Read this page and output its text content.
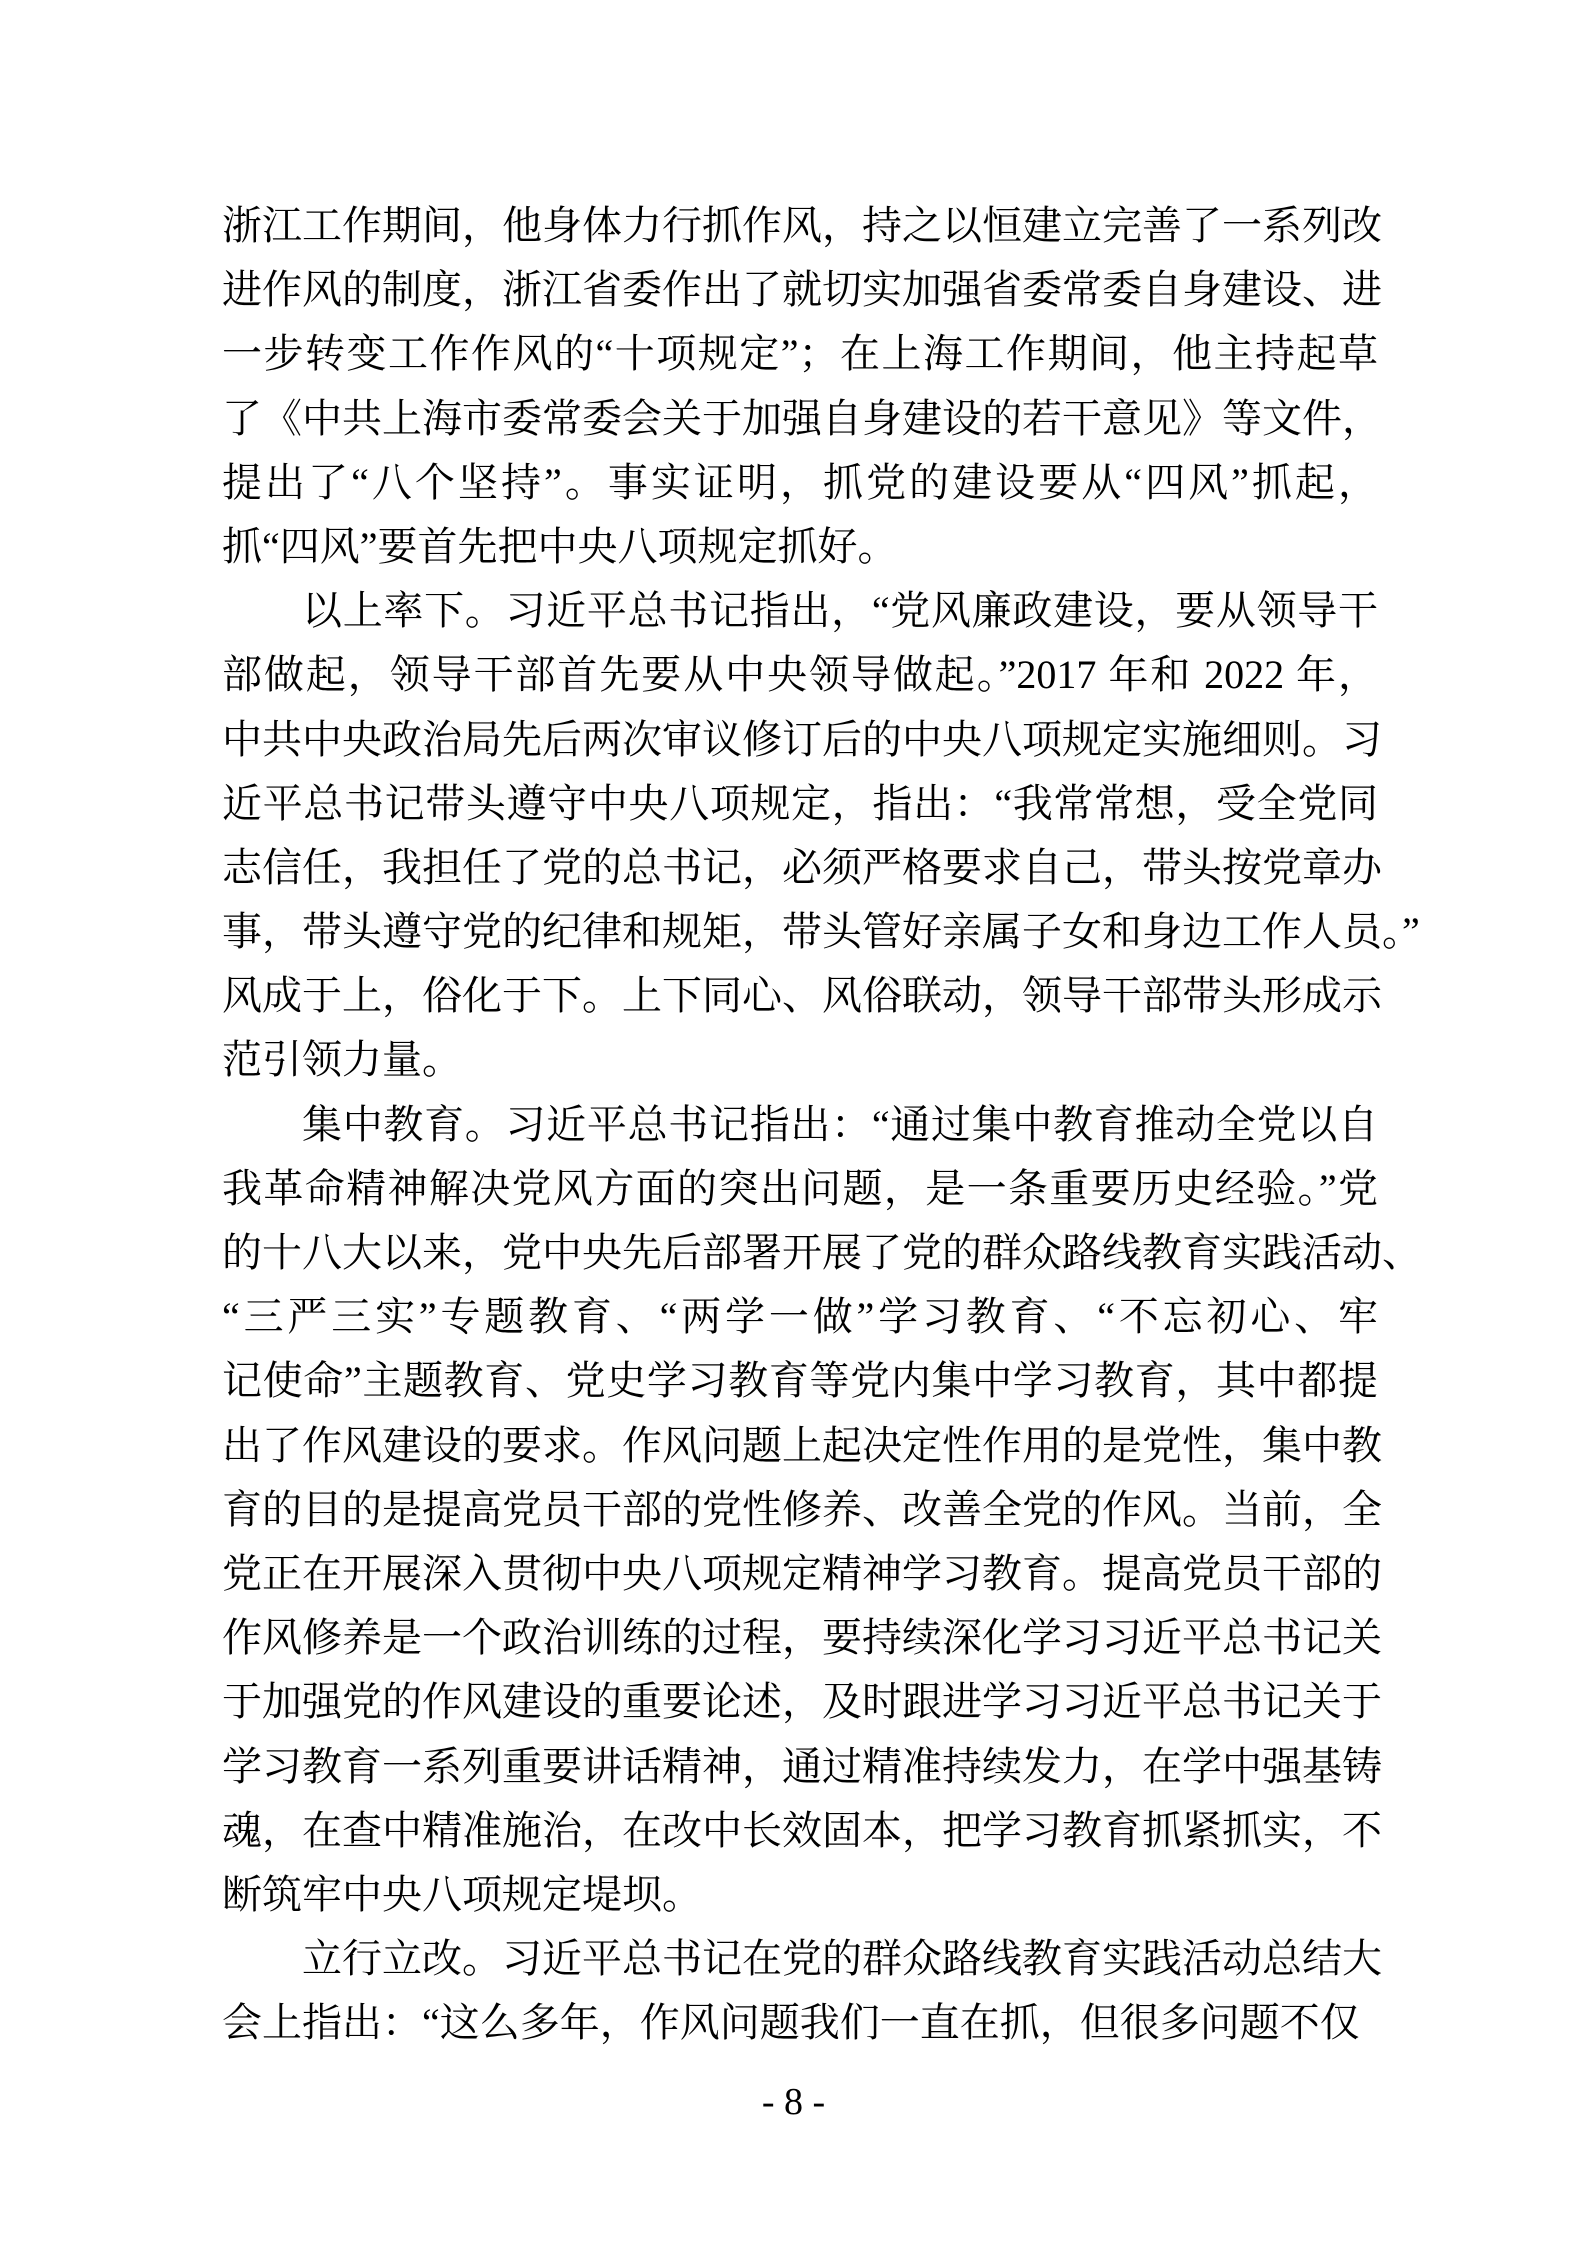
浙江工作期间，他身体力行抓作风，持之以恒建立完善了一系列改
进作风的制度，浙江省委作出了就切实加强省委常委自身建设、进
一步转变工作作风的“十项规定”；在上海工作期间，他主持起草
了《中共上海市委常委会关于加强自身建设的若干意见》等文件，
提出了“八个坚持”。事实证明，抓党的建设要从“四风”抓起，
抓“四风”要首先把中央八项规定抓好。
以上率下。习近平总书记指出，“党风廉政建设，要从领导干
部做起，领导干部首先要从中央领导做起。”2017 年和 2022 年，
中共中央政治局先后两次审议修订后的中央八项规定实施细则。习
近平总书记带头遵守中央八项规定，指出：“我常常想，受全党同
志信任，我担任了党的总书记，必须严格要求自己，带头按党章办
事，带头遵守党的纪律和规矩，带头管好亲属子女和身边工作人员。”
风成于上，俗化于下。上下同心、风俗联动，领导干部带头形成示
范引领力量。
集中教育。习近平总书记指出：“通过集中教育推动全党以自
我革命精神解决党风方面的突出问题，是一条重要历史经验。”党
的十八大以来，党中央先后部署开展了党的群众路线教育实践活动、
“三严三实”专题教育、“两学一做”学习教育、“不忘初心、牢
记使命”主题教育、党史学习教育等党内集中学习教育，其中都提
出了作风建设的要求。作风问题上起决定性作用的是党性，集中教
育的目的是提高党员干部的党性修养、改善全党的作风。当前，全
党正在开展深入贯彻中央八项规定精神学习教育。提高党员干部的
作风修养是一个政治训练的过程，要持续深化学习习近平总书记关
于加强党的作风建设的重要论述，及时跟进学习习近平总书记关于
学习教育一系列重要讲话精神，通过精准持续发力，在学中强基铸
魂，在查中精准施治，在改中长效固本，把学习教育抓紧抓实，不
断筑牢中央八项规定堤坝。
立行立改。习近平总书记在党的群众路线教育实践活动总结大
会上指出：“这么多年，作风问题我们一直在抓，但很多问题不仅
- 8 -
